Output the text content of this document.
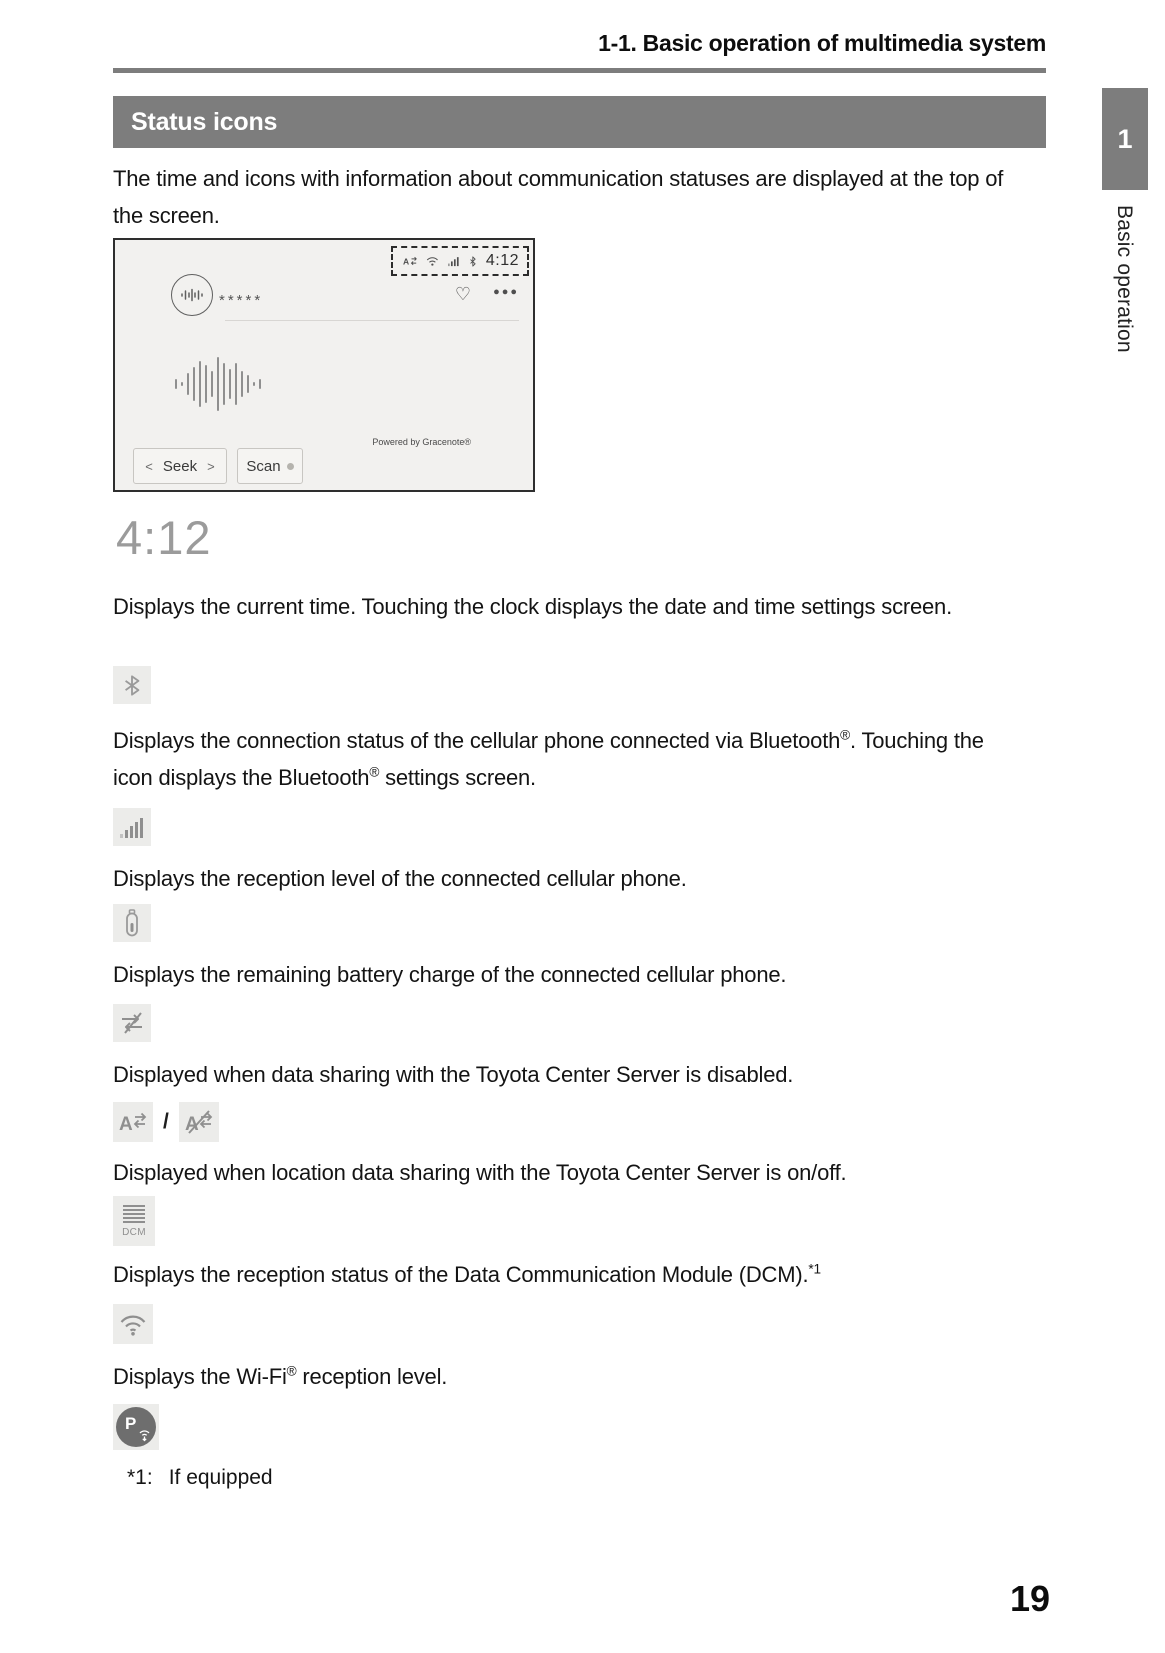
1-1. Basic operation of multimedia system
Status icons
1
Basic operation

The time and icons with information about communication statuses are displayed at the top of the screen.

A	4:12
*****	♡ ●●●
Powered by Gracenote®
< Seek > Scan
4:12

Displays the current time. Touching the clock displays the date and time settings screen.

Displays the connection status of the cellular phone connected via Bluetooth®. Touching the icon displays the Bluetooth® settings screen.

Displays the reception level of the connected cellular phone.

Displays the remaining battery charge of the connected cellular phone.

Displayed when data sharing with the Toyota Center Server is disabled.

A / A

Displayed when location data sharing with the Toyota Center Server is on/off.

DCM

Displays the reception status of the Data Communication Module (DCM).$^{*1}$

Displays the Wi-Fi® reception level.

P
*1: If equipped
19
